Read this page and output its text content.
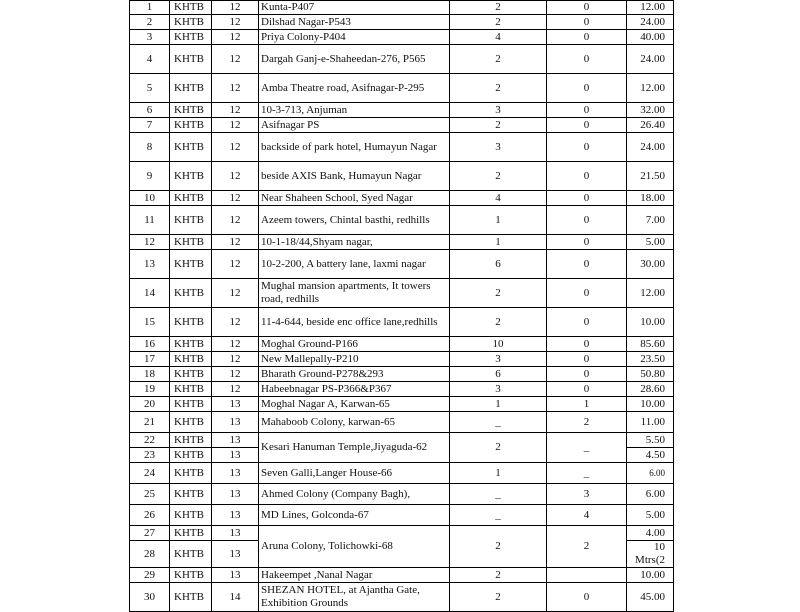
1	KHTB	12	Kunta-P407	2	0	12.00
2	KHTB	12	Dilshad Nagar-P543	2	0	24.00
3	KHTB	12	Priya Colony-P404	4	0	40.00
4	KHTB	12	Dargah Ganj-e-Shaheedan-276, P565	2	0	24.00
5	KHTB	12	Amba Theatre road, Asifnagar-P-295	2	0	12.00
6	KHTB	12	10-3-713, Anjuman	3	0	32.00
7	KHTB	12	Asifnagar PS	2	0	26.40
8	KHTB	12	backside of park hotel, Humayun Nagar	3	0	24.00
9	KHTB	12	beside AXIS Bank, Humayun Nagar	2	0	21.50
10	KHTB	12	Near Shaheen School, Syed Nagar	4	0	18.00
11	KHTB	12	Azeem towers, Chintal basthi, redhills	1	0	7.00
12	KHTB	12	10-1-18/44,Shyam nagar,	1	0	5.00
13	KHTB	12	10-2-200, A battery lane, laxmi nagar	6	0	30.00
14	KHTB	12	Mughal mansion apartments, It towers road, redhills	2	0	12.00
15	KHTB	12	11-4-644, beside enc office lane,redhills	2	0	10.00
16	KHTB	12	Moghal Ground-P166	10	0	85.60
17	KHTB	12	New Mallepally-P210	3	0	23.50
18	KHTB	12	Bharath Ground-P278&293	6	0	50.80
19	KHTB	12	Habeebnagar PS-P366&P367	3	0	28.60
20	KHTB	13	Moghal Nagar A, Karwan-65	1	1	10.00
21	KHTB	13	Mahaboob Colony, karwan-65	_	2	11.00
22	KHTB	13	Kesari Hanuman Temple,Jiyaguda-62	2	_	5.50
23	KHTB	13				4.50
24	KHTB	13	Seven Galli,Langer House-66	1	_	6.00
25	KHTB	13	Ahmed Colony (Company Bagh),	_	3	6.00
26	KHTB	13	MD Lines, Golconda-67	_	4	5.00
27	KHTB	13	Aruna Colony, Tolichowki-68	2	2	4.00
28	KHTB	13				10 Mtrs(2
29	KHTB	13	Hakeempet ,Nanal Nagar	2		10.00
30	KHTB	14	SHEZAN HOTEL, at Ajantha Gate, Exhibition Grounds	2	0	45.00
